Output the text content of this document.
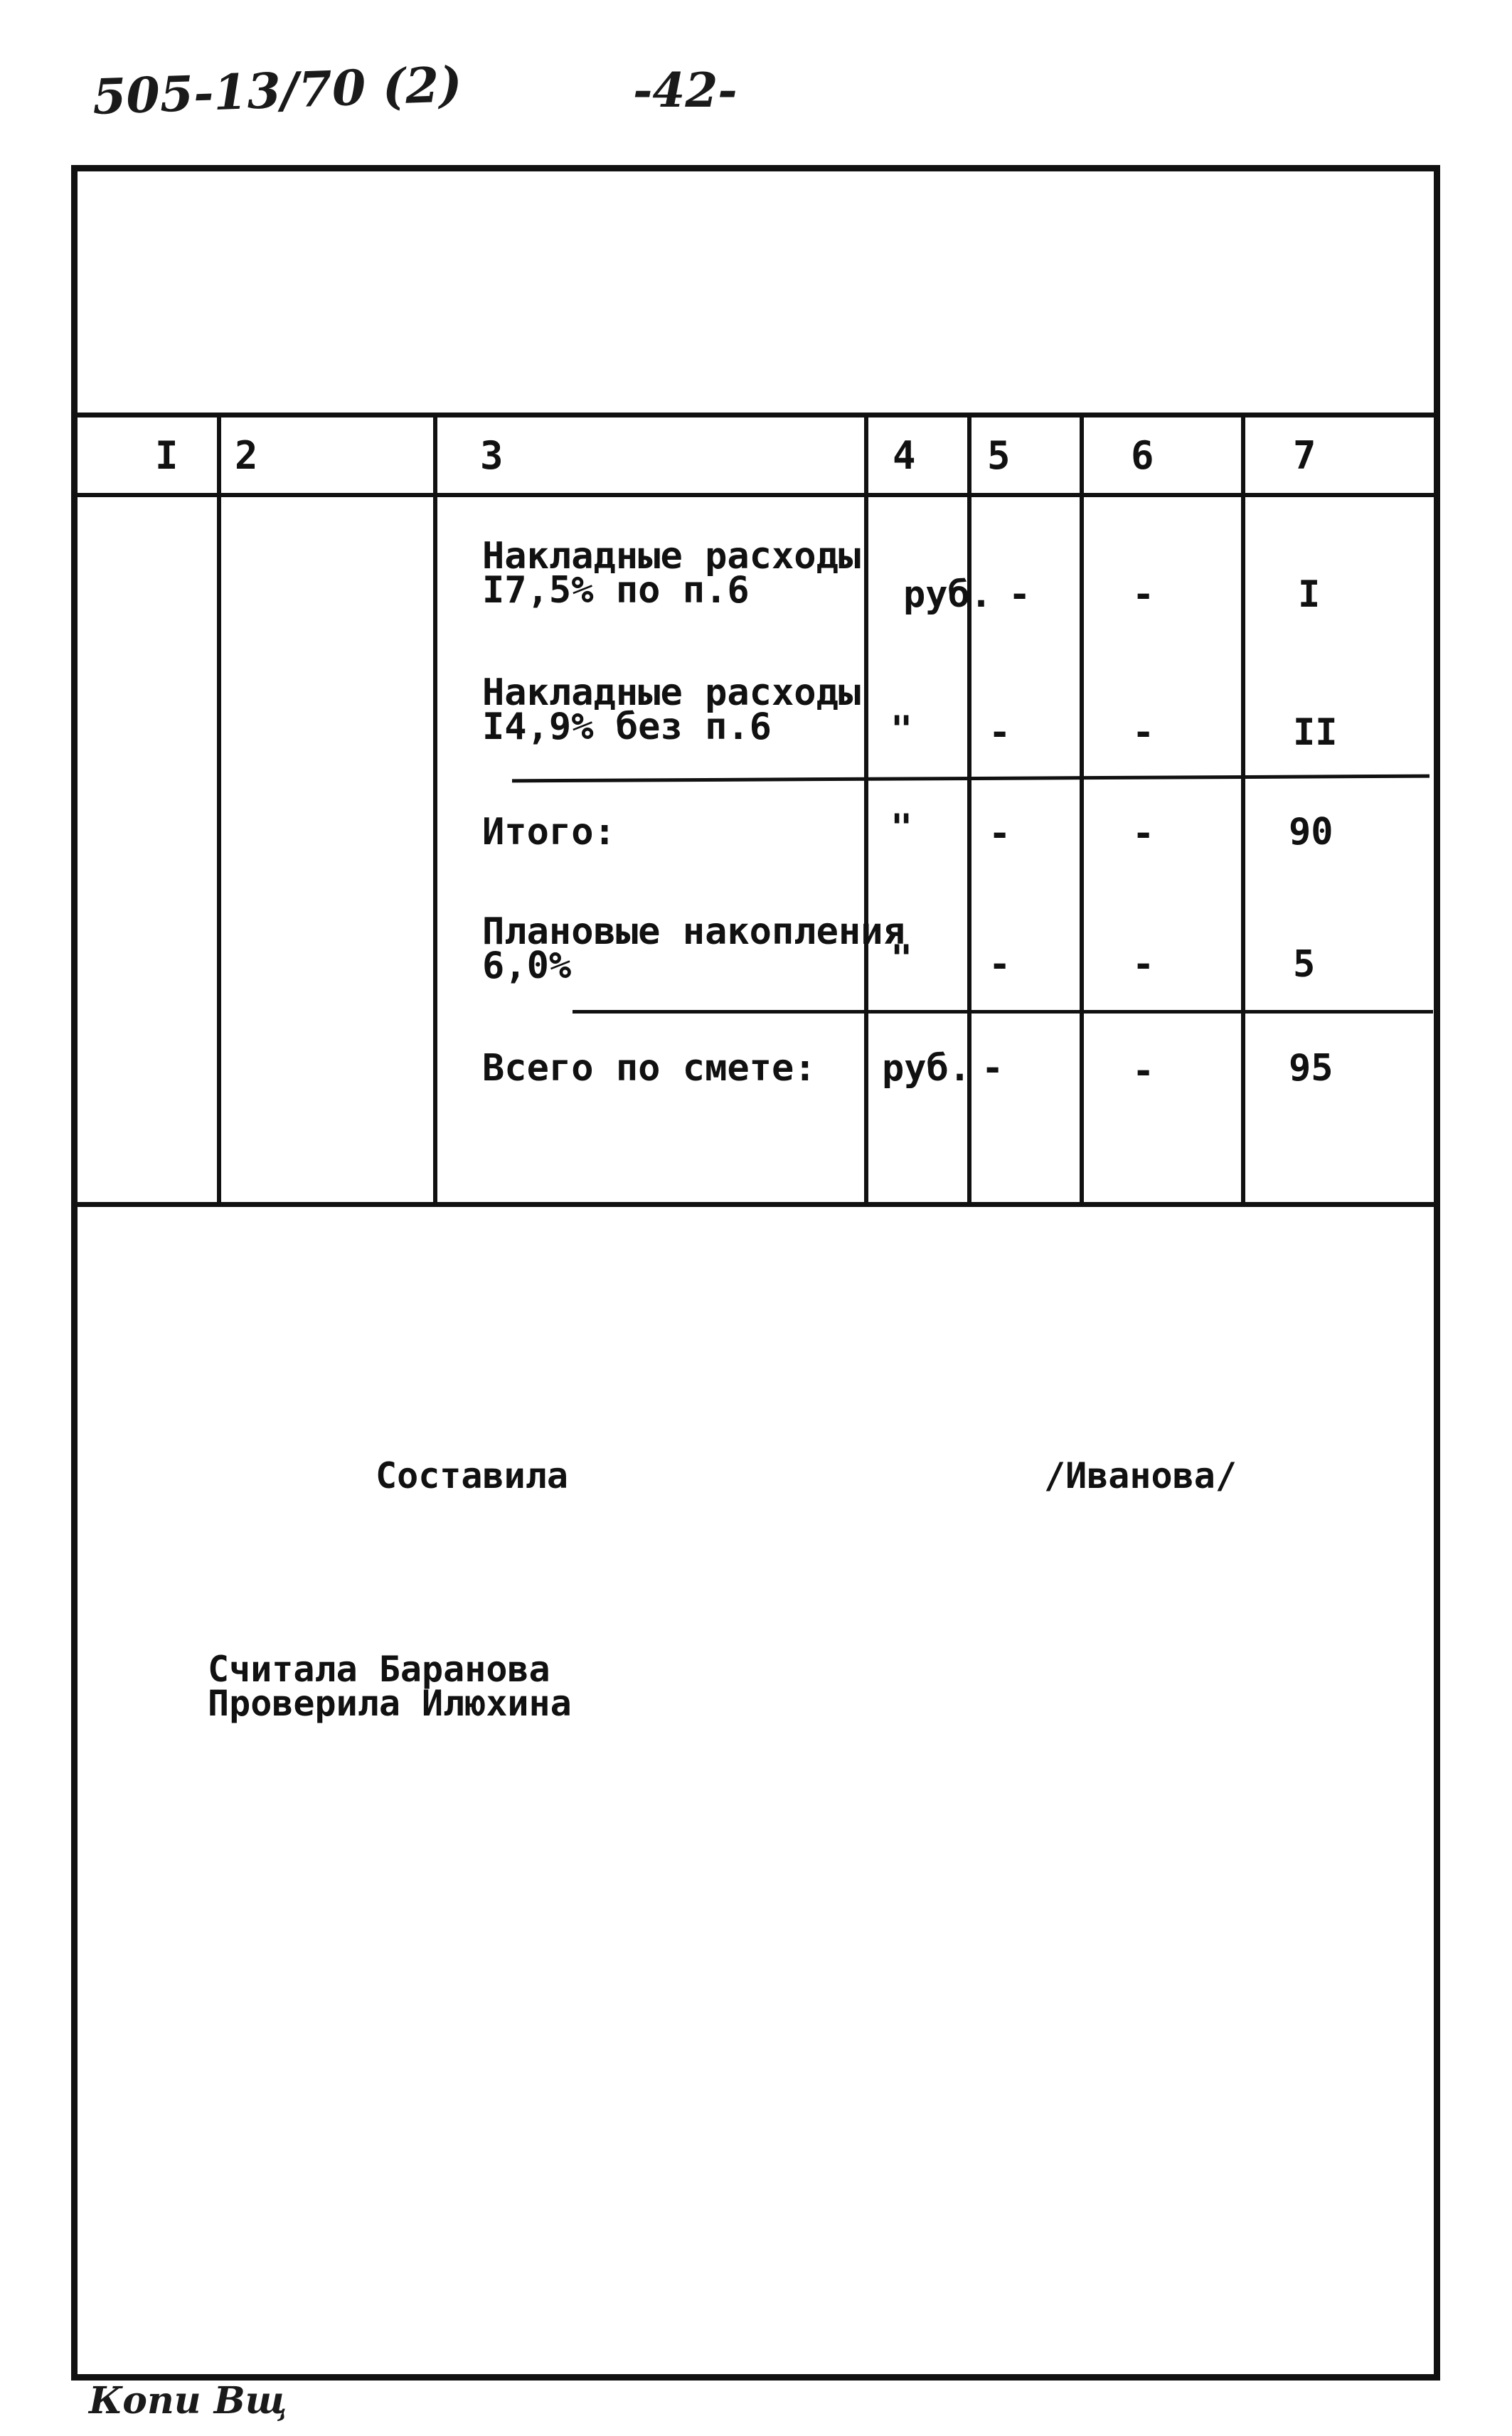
505-13/70 (2)	-42-
I 2	3	4 5	6	7
Накладные расходы
I7,5% по п.6	руб. -	-	I
Накладные расходы
I4,9% без п.6	" -	-	II
Итого:	" -	-	90
Плановые накопления
6,0%	" -	-	5
Всего по смете: руб. -	-	95
Составила	/Иванова/
Считала Баранова
Проверила Илюхина
Копи Вщ
